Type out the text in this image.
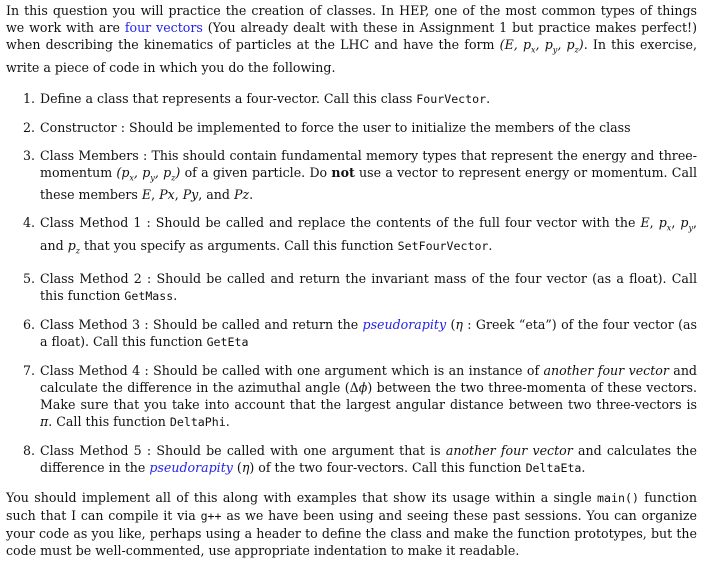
In this question you will practice the creation of classes. In HEP, one of the most common types of things we work with are four vectors (You already dealt with these in Assignment 1 but practice makes perfect!) when describing the kinematics of particles at the LHC and have the form (E, $p_x$, $p_y$, $p_z$). In this exercise, write a piece of code in which you do the following.

1. Define a class that represents a four-vector. Call this class FourVector.
2. Constructor : Should be implemented to force the user to initialize the members of the class
3. Class Members : This should contain fundamental memory types that represent the energy and three-momentum ($p_x$, $p_y$, $p_z$) of a given particle. Do not use a vector to represent energy or momentum. Call these members E, Px, Py, and Pz.
4. Class Method 1 : Should be called and replace the contents of the full four vector with the E, $p_x$, $p_y$, and $p_z$ that you specify as arguments. Call this function SetFourVector.
5. Class Method 2 : Should be called and return the invariant mass of the four vector (as a float). Call this function GetMass.
6. Class Method 3 : Should be called and return the pseudorapity (η : Greek “eta”) of the four vector (as a float). Call this function GetEta
7. Class Method 4 : Should be called with one argument which is an instance of another four vector and calculate the difference in the azimuthal angle (Δϕ) between the two three-momenta of these vectors. Make sure that you take into account that the largest angular distance between two three-vectors is π. Call this function DeltaPhi.
8. Class Method 5 : Should be called with one argument that is another four vector and calculates the difference in the pseudorapity (η) of the two four-vectors. Call this function DeltaEta.

You should implement all of this along with examples that show its usage within a single main() function such that I can compile it via g++ as we have been using and seeing these past sessions. You can organize your code as you like, perhaps using a header to define the class and make the function prototypes, but the code must be well-commented, use appropriate indentation to make it readable.
